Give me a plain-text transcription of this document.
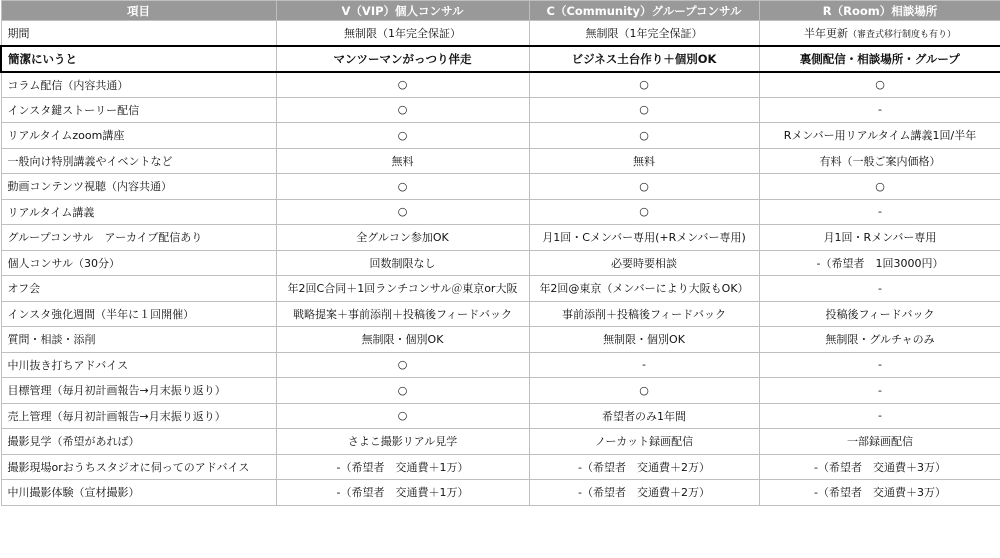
項目	V（VIP）個人コンサル	C（Community）グループコンサル	R（Room）相談場所
期間	無制限（1年完全保証）	無制限（1年完全保証）	半年更新（審査式移行制度も有り）
簡潔にいうと	マンツーマンがっつり伴走	ビジネス土台作り＋個別OK	裏側配信・相談場所・グループ
コラム配信（内容共通）	○	○	○
インスタ鍵ストーリー配信	○	○	-
リアルタイムzoom講座	○	○	Rメンバー用リアルタイム講義1回/半年
一般向け特別講義やイベントなど	無料	無料	有料（一般ご案内価格）
動画コンテンツ視聴（内容共通）	○	○	○
リアルタイム講義	○	○	-
グループコンサル　アーカイブ配信あり	全グルコン参加OK	月1回・Cメンバー専用(+Rメンバー専用)	月1回・Rメンバー専用
個人コンサル（30分）	回数制限なし	必要時要相談	-（希望者　1回3000円）
オフ会	年2回C合同＋1回ランチコンサル＠東京or大阪	年2回@東京（メンバーにより大阪もOK）	-
インスタ強化週間（半年に１回開催）	戦略提案＋事前添削＋投稿後フィードバック	事前添削＋投稿後フィードバック	投稿後フィードバック
質問・相談・添削	無制限・個別OK	無制限・個別OK	無制限・グルチャのみ
中川抜き打ちアドバイス	○	-	-
目標管理（毎月初計画報告→月末振り返り）	○	○	-
売上管理（毎月初計画報告→月末振り返り）	○	希望者のみ1年間	-
撮影見学（希望があれば）	さよこ撮影リアル見学	ノーカット録画配信	一部録画配信
撮影現場orおうちスタジオに伺ってのアドバイス	-（希望者　交通費＋1万）	-（希望者　交通費＋2万）	-（希望者　交通費＋3万）
中川撮影体験（宣材撮影）	-（希望者　交通費＋1万）	-（希望者　交通費＋2万）	-（希望者　交通費＋3万）
